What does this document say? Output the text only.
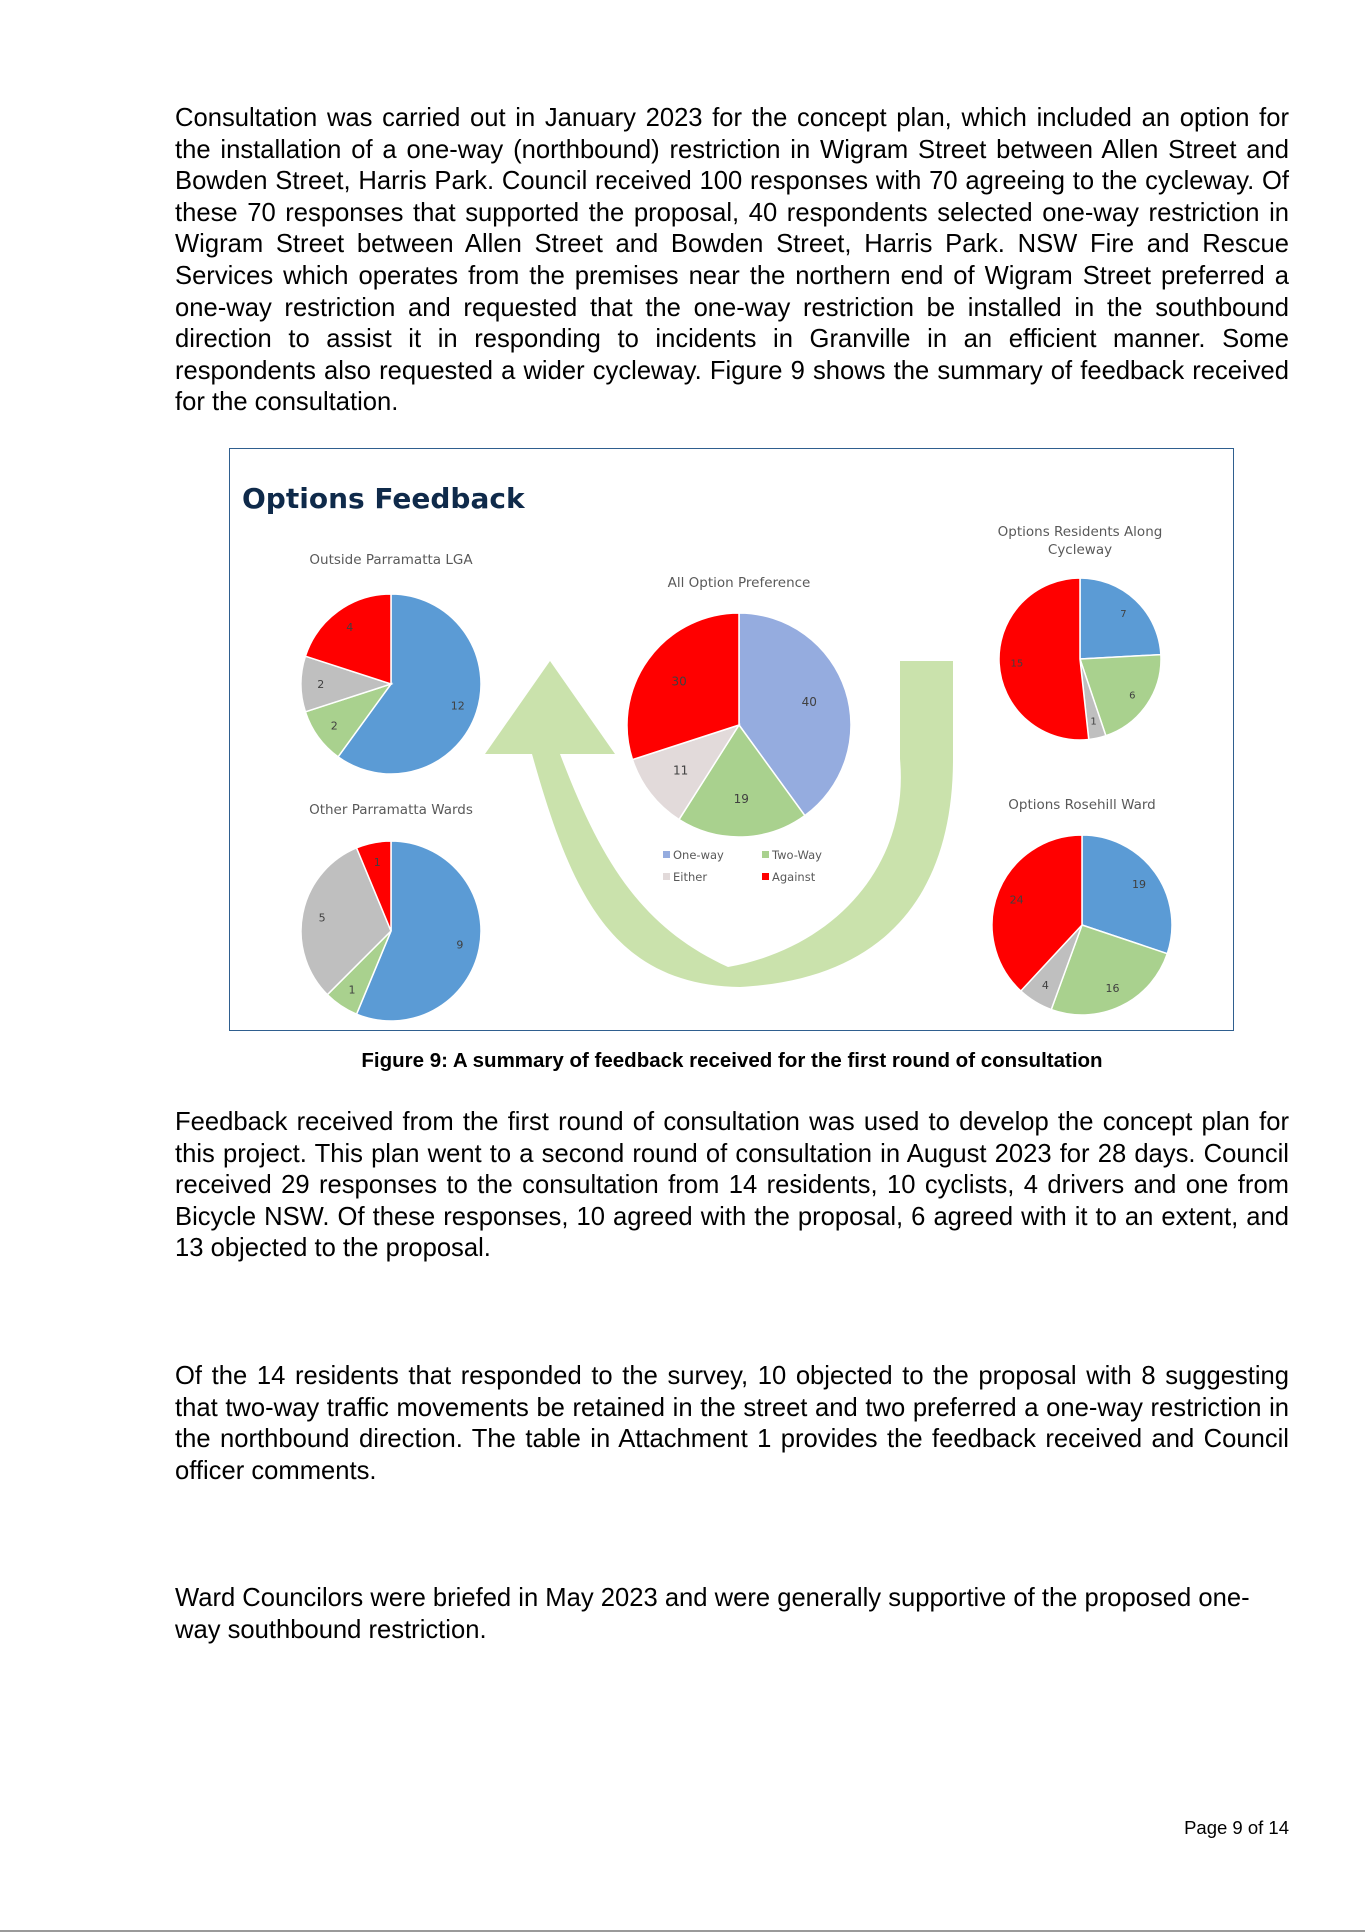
Consultation was carried out in January 2023 for the concept plan, which included an option for the installation of a one-way (northbound) restriction in Wigram Street between Allen Street and Bowden Street, Harris Park. Council received 100 responses with 70 agreeing to the cycleway. Of these 70 responses that supported the proposal, 40 respondents selected one-way restriction in Wigram Street between Allen Street and Bowden Street, Harris Park. NSW Fire and Rescue Services which operates from the premises near the northern end of Wigram Street preferred a one-way restriction and requested that the one-way restriction be installed in the southbound direction to assist it in responding to incidents in Granville in an efficient manner. Some respondents also requested a wider cycleway. Figure 9 shows the summary of feedback received for the consultation.

Options Feedback
Outside Parramatta LGA
12
2
2
4
Other Parramatta Wards
9
1
5
1
All Option Preference
40
19
11
30
Options Residents Along Cycleway
7
6
1
15
Options Rosehill Ward
19
16
4
24
One-way	Two-Way
Either	Against

Figure 9: A summary of feedback received for the first round of consultation

Feedback received from the first round of consultation was used to develop the concept plan for this project. This plan went to a second round of consultation in August 2023 for 28 days. Council received 29 responses to the consultation from 14 residents, 10 cyclists, 4 drivers and one from Bicycle NSW. Of these responses, 10 agreed with the proposal, 6 agreed with it to an extent, and 13 objected to the proposal.

Of the 14 residents that responded to the survey, 10 objected to the proposal with 8 suggesting that two-way traffic movements be retained in the street and two preferred a one-way restriction in the northbound direction. The table in Attachment 1 provides the feedback received and Council officer comments.

Ward Councilors were briefed in May 2023 and were generally supportive of the proposed one-way southbound restriction.

Page 9 of 14
